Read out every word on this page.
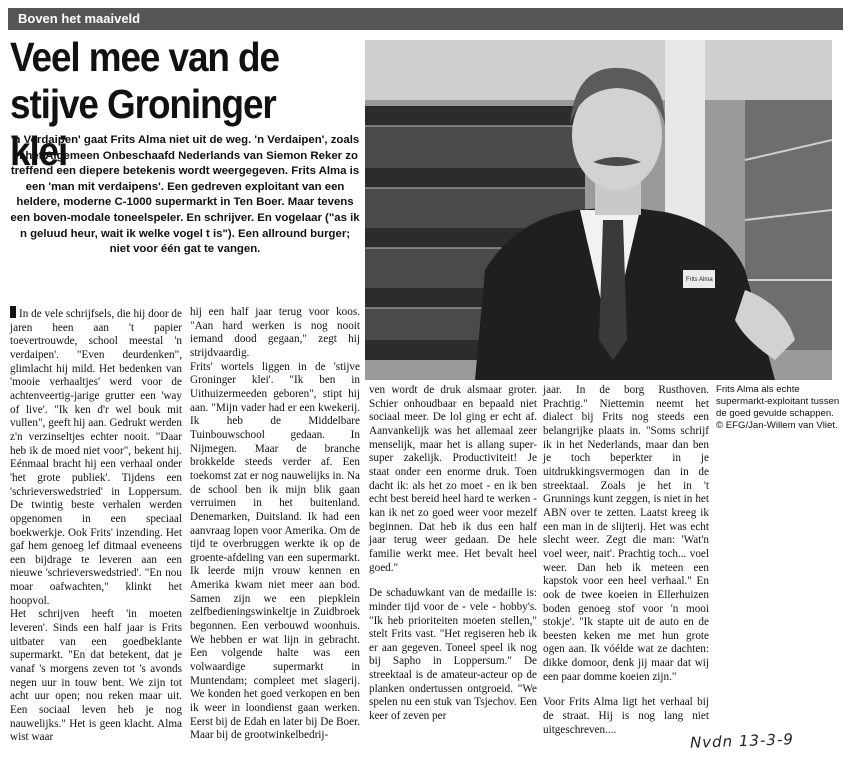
Boven het maaiveld
Veel mee van de
stijve Groninger klei
'n Verdaipen' gaat Frits Alma niet uit de weg. 'n Verdaipen', zoals in het Algemeen Onbeschaafd Nederlands van Siemon Reker zo treffend een diepere betekenis wordt weergegeven. Frits Alma is een 'man mit verdaipens'. Een gedreven exploitant van een heldere, moderne C-1000 supermarkt in Ten Boer. Maar tevens een boven-modale toneelspeler. En schrijver. En vogelaar ("as ik n geluud heur, wait ik welke vogel t is"). Een allround burger; niet voor één gat te vangen.

In de vele schrijfsels, die hij door de jaren heen aan 't papier toevertrouwde, school meestal 'n verdaipen'. "Even deurdenken", glimlacht hij mild. Het bedenken van 'mooie verhaaltjes' werd voor de achtenveertig-jarige grutter een 'way of live'. "Ik ken d'r wel bouk mit vullen", geeft hij aan. Gedrukt werden z'n verzinseltjes echter nooit. "Daar heb ik de moed niet voor", bekent hij. Eénmaal bracht hij een verhaal onder 'het grote publiek'. Tijdens een 'schrieverswedstried' in Loppersum. De twintig beste verhalen werden opgenomen in een speciaal boekwerkje. Ook Frits' inzending. Het gaf hem genoeg lef ditmaal eveneens een bijdrage te leveren aan een nieuwe 'schrieverswedstried'. "En nou moar oafwachten," klinkt het hoopvol.

Het schrijven heeft 'in moeten leveren'. Sinds een half jaar is Frits uitbater van een goedbeklante supermarkt. "En dat betekent, dat je vanaf 's morgens zeven tot 's avonds negen uur in touw bent. We zijn tot acht uur open; nou reken maar uit. Een sociaal leven heb je nog nauwelijks." Het is geen klacht. Alma wist waar

hij een half jaar terug voor koos. "Aan hard werken is nog nooit iemand dood gegaan," zegt hij strijdvaardig.

Frits' wortels liggen in de 'stijve Groninger klei'. "Ik ben in Uithuizermeeden geboren", stipt hij aan. "Mijn vader had er een kwekerij. Ik heb de Middelbare Tuinbouwschool gedaan. In Nijmegen. Maar de branche brokkelde steeds verder af. Een toekomst zat er nog nauwelijks in. Na de school ben ik mijn blik gaan verruimen in het buitenland. Denemarken, Duitsland. Ik had een aanvraag lopen voor Amerika. Om de tijd te overbruggen werkte ik op de groente-afdeling van een supermarkt. Ik leerde mijn vrouw kennen en Amerika kwam niet meer aan bod. Samen zijn we een piepklein zelfbedieningswinkeltje in Zuidbroek begonnen. Een verbouwd woonhuis. We hebben er wat lijn in gebracht. Een volgende halte was een volwaardige supermarkt in Muntendam; compleet met slagerij. We konden het goed verkopen en ben ik weer in loondienst gaan werken. Eerst bij de Edah en later bij De Boer. Maar bij de grootwinkelbedrij-

Frits Alma

ven wordt de druk alsmaar groter. Schier onhoudbaar en bepaald niet sociaal meer. De lol ging er echt af. Aanvankelijk was het allemaal zeer menselijk, maar het is allang super-super zakelijk. Productiviteit! Je staat onder een enorme druk. Toen dacht ik: als het zo moet - en ik ben echt best bereid heel hard te werken - kan ik net zo goed weer voor mezelf beginnen. Dat heb ik dus een half jaar terug weer gedaan. De hele familie werkt mee. Het bevalt heel goed."

De schaduwkant van de medaille is: minder tijd voor de - vele - hobby's. "Ik heb prioriteiten moeten stellen," stelt Frits vast. "Het regiseren heb ik er aan gegeven. Toneel speel ik nog bij Sapho in Loppersum." De streektaal is de amateur-acteur op de planken ondertussen ontgroeid. "We spelen nu een stuk van Tsjechov. Een keer of zeven per

jaar. In de borg Rusthoven. Prachtig." Niettemin neemt het dialect bij Frits nog steeds een belangrijke plaats in. "Soms schrijf ik in het Nederlands, maar dan ben je toch beperkter in je uitdrukkingsvermogen dan in de streektaal. Zoals je het in 't Grunnings kunt zeggen, is niet in het ABN over te zetten. Laatst kreeg ik een man in de slijterij. Het was echt slecht weer. Zegt die man: 'Wat'n voel weer, nait'. Prachtig toch... voel weer. Dan heb ik meteen een kapstok voor een heel verhaal." En ook de twee koeien in Ellerhuizen boden genoeg stof voor 'n mooi stokje'. "Ik stapte uit de auto en de beesten keken me met hun grote ogen aan. Ik vóélde wat ze dachten: dikke domoor, denk jij maar dat wij een paar domme koeien zijn."

Voor Frits Alma ligt het verhaal bij de straat. Hij is nog lang niet uitgeschreven....

Frits Alma als echte supermarkt-exploitant tussen de goed gevulde schappen. © EFG/Jan-Willem van Vliet.
Nvdn 13-3-9
